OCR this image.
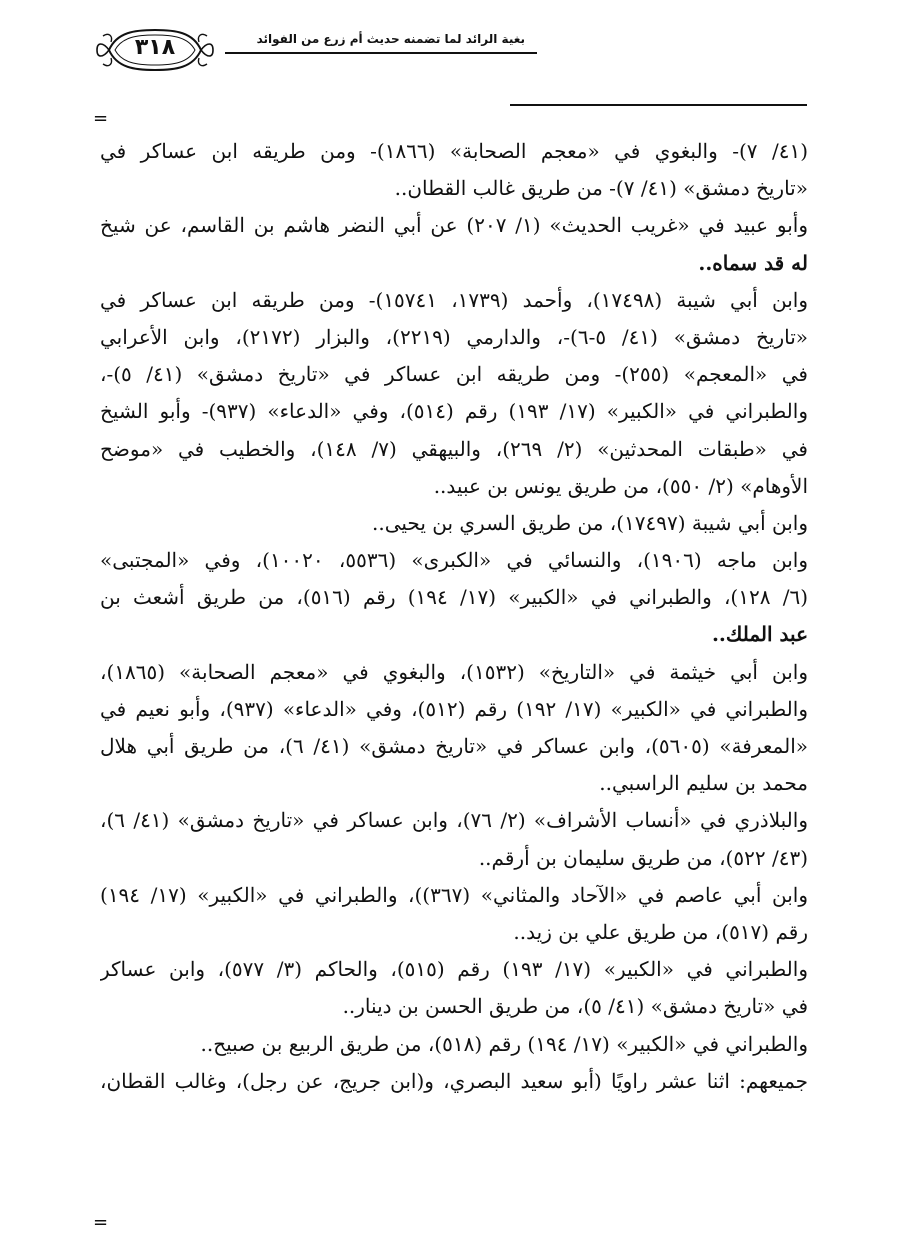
٣١٨	بغية الرائد لما تضمنه حديث أم زرع من الفوائد
=
(٤١/ ٧)- والبغوي في «معجم الصحابة» (١٨٦٦)- ومن طريقه ابن عساكر في
«تاريخ دمشق» (٤١/ ٧)- من طريق غالب القطان..
وأبو عبيد في «غريب الحديث» (١/ ٢٠٧) عن أبي النضر هاشم بن القاسم، عن شيخ
له قد سماه..
وابن أبي شيبة (١٧٤٩٨)، وأحمد (١٧٣٩، ١٥٧٤١)- ومن طريقه ابن عساكر في
«تاريخ دمشق» (٤١/ ٥-٦)-، والدارمي (٢٢١٩)، والبزار (٢١٧٢)، وابن الأعرابي
في «المعجم» (٢٥٥)- ومن طريقه ابن عساكر في «تاريخ دمشق» (٤١/ ٥)-،
والطبراني في «الكبير» (١٧/ ١٩٣) رقم (٥١٤)، وفي «الدعاء» (٩٣٧)- وأبو الشيخ
في «طبقات المحدثين» (٢/ ٢٦٩)، والبيهقي (٧/ ١٤٨)، والخطيب في «موضح
الأوهام» (٢/ ٥٥٠)، من طريق يونس بن عبيد..
وابن أبي شيبة (١٧٤٩٧)، من طريق السري بن يحيى..
وابن ماجه (١٩٠٦)، والنسائي في «الكبرى» (٥٥٣٦، ١٠٠٢٠)، وفي «المجتبى»
(٦/ ١٢٨)، والطبراني في «الكبير» (١٧/ ١٩٤) رقم (٥١٦)، من طريق أشعث بن
عبد الملك..
وابن أبي خيثمة في «التاريخ» (١٥٣٢)، والبغوي في «معجم الصحابة» (١٨٦٥)،
والطبراني في «الكبير» (١٧/ ١٩٢) رقم (٥١٢)، وفي «الدعاء» (٩٣٧)، وأبو نعيم في
«المعرفة» (٥٦٠٥)، وابن عساكر في «تاريخ دمشق» (٤١/ ٦)، من طريق أبي هلال
محمد بن سليم الراسبي..
والبلاذري في «أنساب الأشراف» (٢/ ٧٦)، وابن عساكر في «تاريخ دمشق» (٤١/ ٦)،
(٤٣/ ٥٢٢)، من طريق سليمان بن أرقم..
وابن أبي عاصم في «الآحاد والمثاني» (٣٦٧))، والطبراني في «الكبير» (١٧/ ١٩٤)
رقم (٥١٧)، من طريق علي بن زيد..
والطبراني في «الكبير» (١٧/ ١٩٣) رقم (٥١٥)، والحاكم (٣/ ٥٧٧)، وابن عساكر
في «تاريخ دمشق» (٤١/ ٥)، من طريق الحسن بن دينار..
والطبراني في «الكبير» (١٧/ ١٩٤) رقم (٥١٨)، من طريق الربيع بن صبيح..
جميعهم: اثنا عشر راويًا (أبو سعيد البصري، و(ابن جريج، عن رجل)، وغالب القطان،
=
